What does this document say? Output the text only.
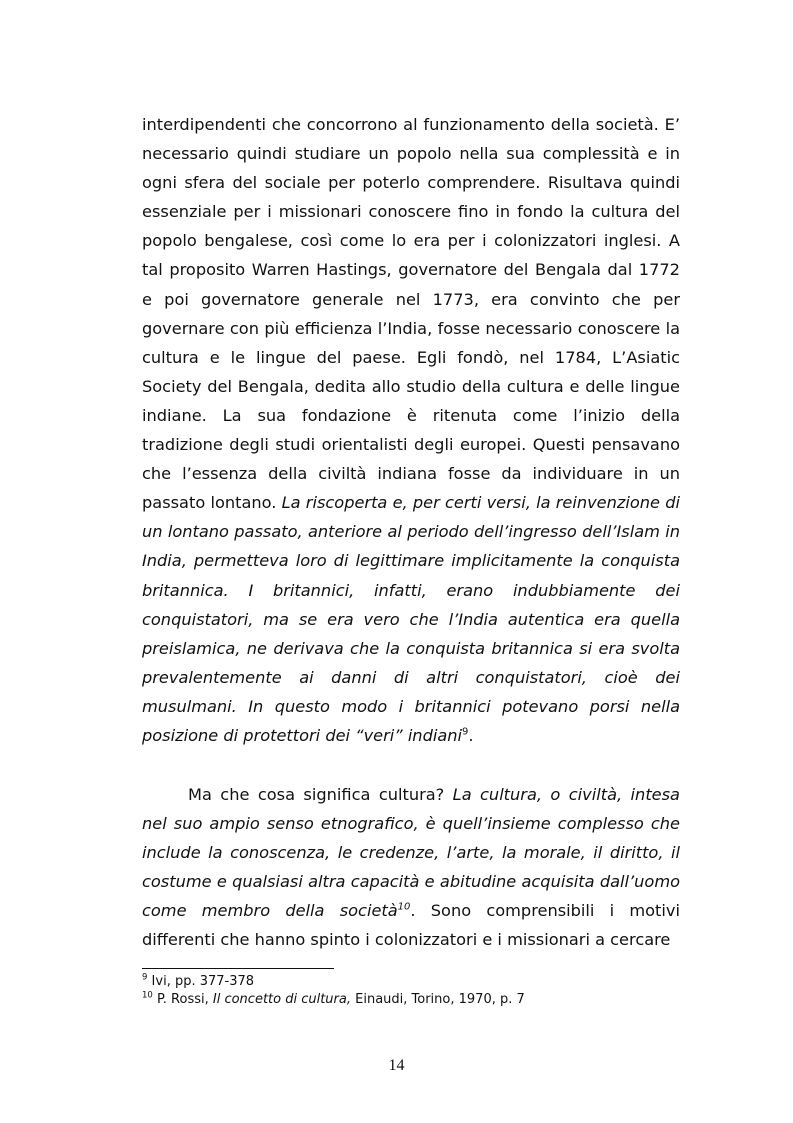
interdipendenti che concorrono al funzionamento della società. E’ necessario quindi studiare un popolo nella sua complessità e in ogni sfera del sociale per poterlo comprendere. Risultava quindi essenziale per i missionari conoscere fino in fondo la cultura del popolo bengalese, così come lo era per i colonizzatori inglesi. A tal proposito Warren Hastings, governatore del Bengala dal 1772 e poi governatore generale nel 1773, era convinto che per governare con più efficienza l’India, fosse necessario conoscere la cultura e le lingue del paese. Egli fondò, nel 1784, L’Asiatic Society del Bengala, dedita allo studio della cultura e delle lingue indiane. La sua fondazione è ritenuta come l’inizio della tradizione degli studi orientalisti degli europei. Questi pensavano che l’essenza della civiltà indiana fosse da individuare in un passato lontano. La riscoperta e, per certi versi, la reinvenzione di un lontano passato, anteriore al periodo dell’ingresso dell’Islam in India, permetteva loro di legittimare implicitamente la conquista britannica. I britannici, infatti, erano indubbiamente dei conquistatori, ma se era vero che l’India autentica era quella preislamica, ne derivava che la conquista britannica si era svolta prevalentemente ai danni di altri conquistatori, cioè dei musulmani. In questo modo i britannici potevano porsi nella posizione di protettori dei “veri” indiani$^9$.

Ma che cosa significa cultura? La cultura, o civiltà, intesa nel suo ampio senso etnografico, è quell’insieme complesso che include la conoscenza, le credenze, l’arte, la morale, il diritto, il costume e qualsiasi altra capacità e abitudine acquisita dall’uomo come membro della società$^{10}$. Sono comprensibili i motivi differenti che hanno spinto i colonizzatori e i missionari a cercare

$^9$ Ivi, pp. 377-378

$^{10}$ P. Rossi, Il concetto di cultura, Einaudi, Torino, 1970, p. 7

14
